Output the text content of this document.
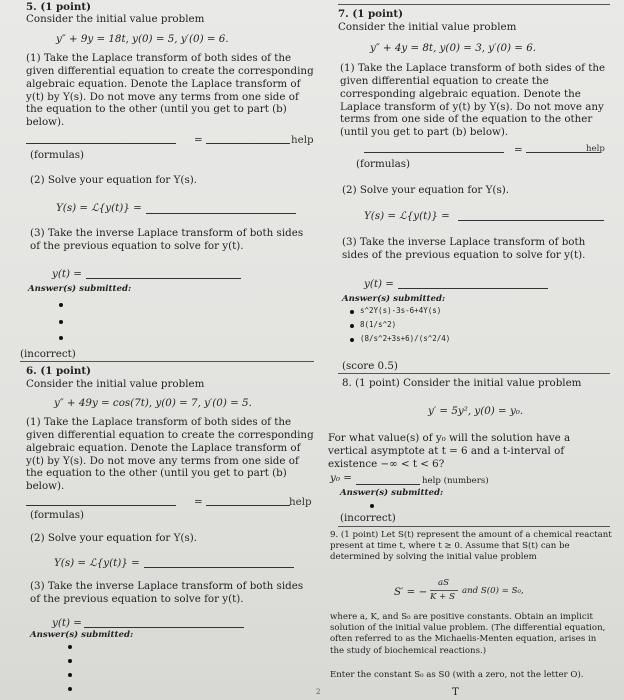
5. (1 point)
Consider the initial value problem
y″ + 9y = 18t, y(0) = 5, y′(0) = 6.
(1) Take the Laplace transform of both sides of the given differential equation to create the corresponding algebraic equation. Denote the Laplace transform of y(t) by Y(s). Do not move any terms from one side of the equation to the other (until you get to part (b) below).
=	help
(formulas)
(2) Solve your equation for Y(s).
Y(s) = ℒ{y(t)} =
(3) Take the inverse Laplace transform of both sides of the previous equation to solve for y(t).
y(t) =
Answer(s) submitted:
(incorrect)
6. (1 point)
Consider the initial value problem
y″ + 49y = cos(7t), y(0) = 7, y′(0) = 5.
(1) Take the Laplace transform of both sides of the given differential equation to create the corresponding algebraic equation. Denote the Laplace transform of y(t) by Y(s). Do not move any terms from one side of the equation to the other (until you get to part (b) below).
=	help
(formulas)
(2) Solve your equation for Y(s).
Y(s) = ℒ{y(t)} =
(3) Take the inverse Laplace transform of both sides of the previous equation to solve for y(t).
y(t) =
Answer(s) submitted:
7. (1 point)
Consider the initial value problem
y″ + 4y = 8t, y(0) = 3, y′(0) = 6.
(1) Take the Laplace transform of both sides of the given differential equation to create the corresponding algebraic equation. Denote the Laplace transform of y(t) by Y(s). Do not move any terms from one side of the equation to the other (until you get to part (b) below).
=	help
(formulas)
(2) Solve your equation for Y(s).
Y(s) = ℒ{y(t)} =
(3) Take the inverse Laplace transform of both sides of the previous equation to solve for y(t).
y(t) =
Answer(s) submitted:
s^2Y(s)-3s-6+4Y(s)
8(1/s^2)
(8/s^2+3s+6)/(s^2/4)
(score 0.5)
8. (1 point) Consider the initial value problem
y′ = 5y², y(0) = y₀.
For what value(s) of y₀ will the solution have a vertical asymptote at t = 6 and a t-interval of existence −∞ < t < 6?
y₀ =	help (numbers)
Answer(s) submitted:
(incorrect)
9. (1 point) Let S(t) represent the amount of a chemical reactant present at time t, where t ≥ 0. Assume that S(t) can be determined by solving the initial value problem
S′ = −
aS
K + S
and S(0) = S₀,
where a, K, and S₀ are positive constants. Obtain an implicit solution of the initial value problem. (The differential equation, often referred to as the Michaelis-Menten equation, arises in the study of biochemical reactions.)
Enter the constant S₀ as S0 (with a zero, not the letter O).
T
2
